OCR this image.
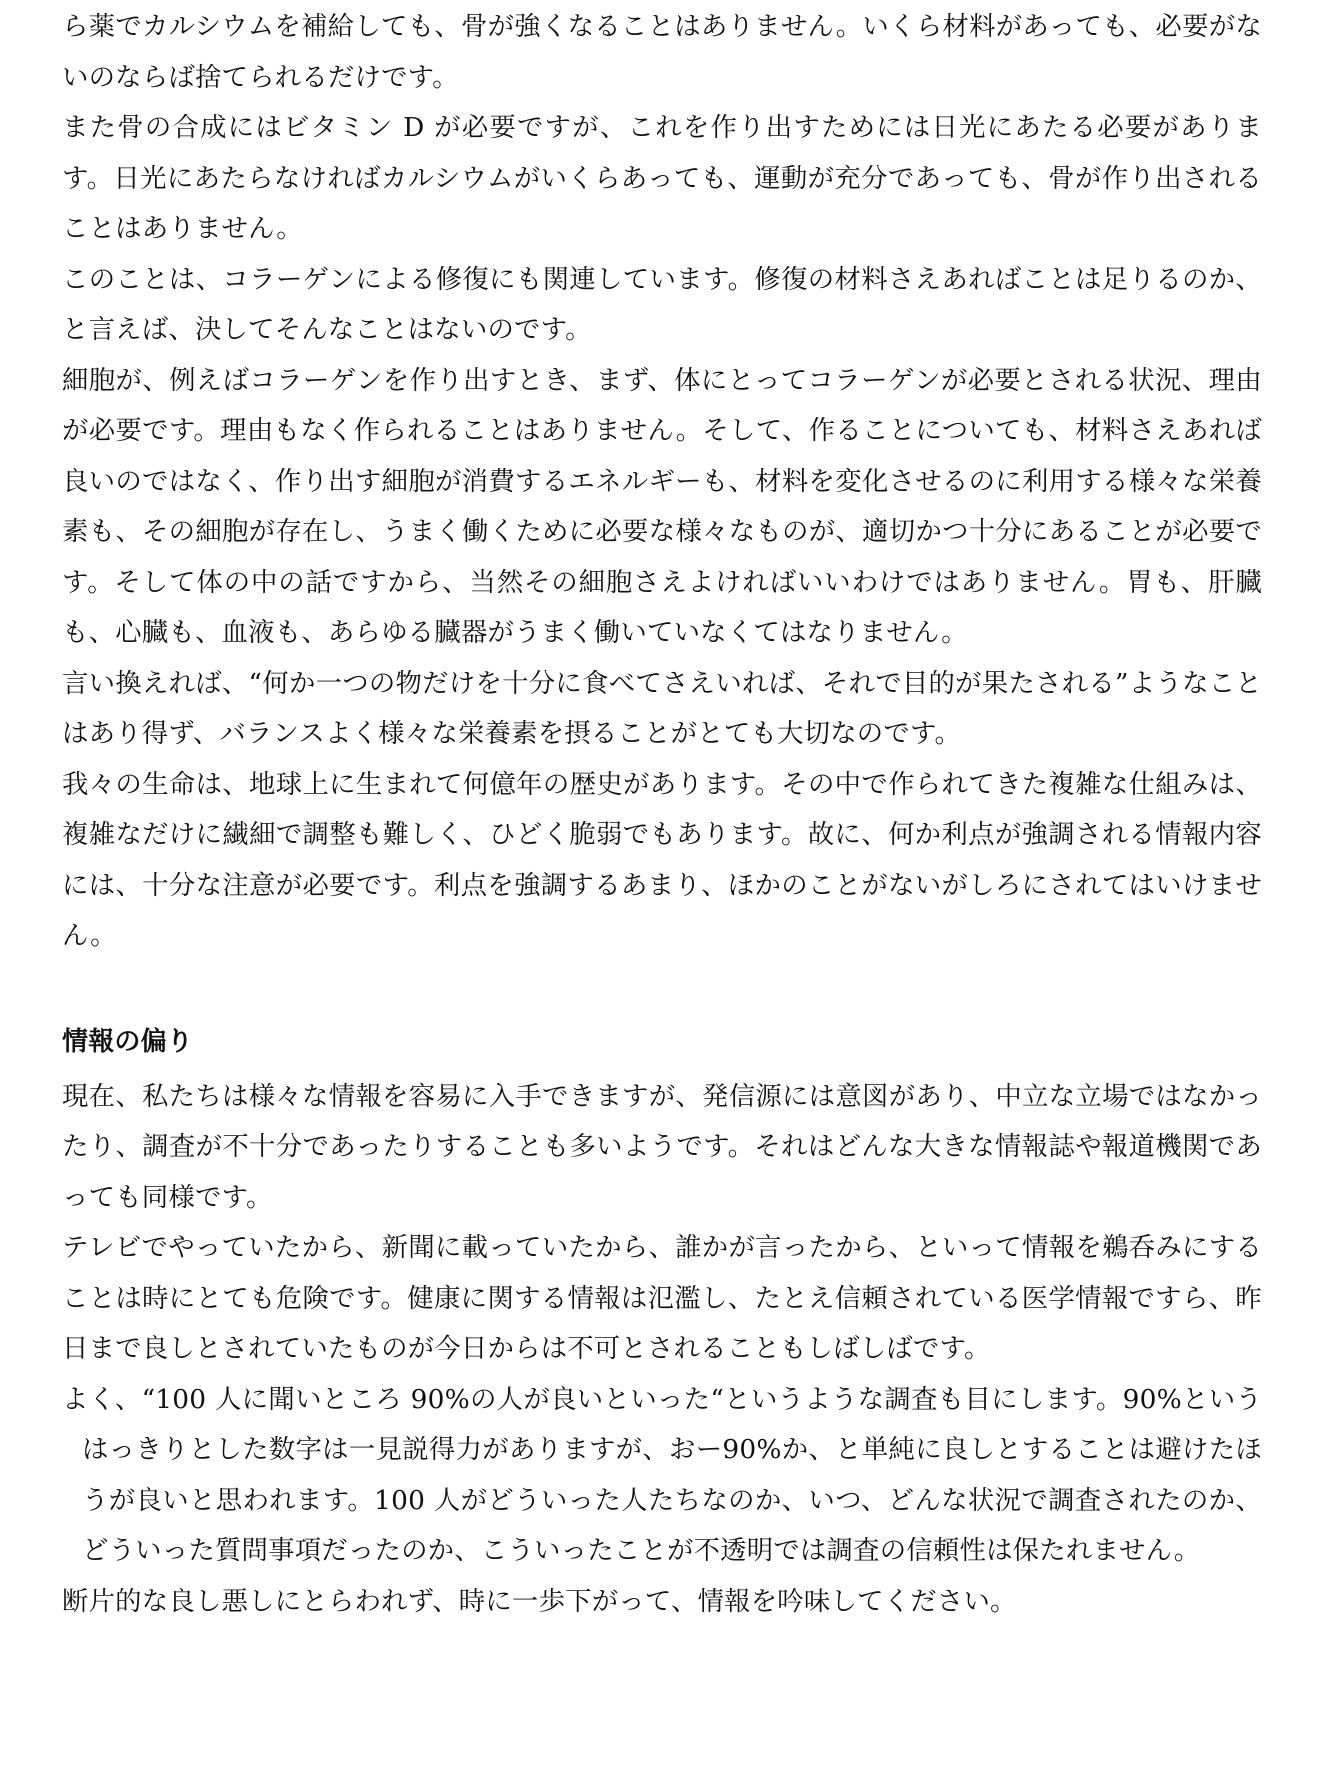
ら薬でカルシウムを補給しても、骨が強くなることはありません。いくら材料があっても、必要がないのならば捨てられるだけです。

また骨の合成にはビタミン D が必要ですが、これを作り出すためには日光にあたる必要があります。日光にあたらなければカルシウムがいくらあっても、運動が充分であっても、骨が作り出されることはありません。

このことは、コラーゲンによる修復にも関連しています。修復の材料さえあればことは足りるのか、と言えば、決してそんなことはないのです。

細胞が、例えばコラーゲンを作り出すとき、まず、体にとってコラーゲンが必要とされる状況、理由が必要です。理由もなく作られることはありません。そして、作ることについても、材料さえあれば良いのではなく、作り出す細胞が消費するエネルギーも、材料を変化させるのに利用する様々な栄養素も、その細胞が存在し、うまく働くために必要な様々なものが、適切かつ十分にあることが必要です。そして体の中の話ですから、当然その細胞さえよければいいわけではありません。胃も、肝臓も、心臓も、血液も、あらゆる臓器がうまく働いていなくてはなりません。

言い換えれば、“何か一つの物だけを十分に食べてさえいれば、それで目的が果たされる”ようなことはあり得ず、バランスよく様々な栄養素を摂ることがとても大切なのです。

我々の生命は、地球上に生まれて何億年の歴史があります。その中で作られてきた複雑な仕組みは、複雑なだけに繊細で調整も難しく、ひどく脆弱でもあります。故に、何か利点が強調される情報内容には、十分な注意が必要です。利点を強調するあまり、ほかのことがないがしろにされてはいけません。

情報の偏り

現在、私たちは様々な情報を容易に入手できますが、発信源には意図があり、中立な立場ではなかったり、調査が不十分であったりすることも多いようです。それはどんな大きな情報誌や報道機関であっても同様です。

テレビでやっていたから、新聞に載っていたから、誰かが言ったから、といって情報を鵜呑みにすることは時にとても危険です。健康に関する情報は氾濫し、たとえ信頼されている医学情報ですら、昨日まで良しとされていたものが今日からは不可とされることもしばしばです。

よく、“100 人に聞いところ 90%の人が良いといった“というような調査も目にします。90%というはっきりとした数字は一見説得力がありますが、おー90%か、と単純に良しとすることは避けたほうが良いと思われます。100 人がどういった人たちなのか、いつ、どんな状況で調査されたのか、どういった質問事項だったのか、こういったことが不透明では調査の信頼性は保たれません。

断片的な良し悪しにとらわれず、時に一歩下がって、情報を吟味してください。
